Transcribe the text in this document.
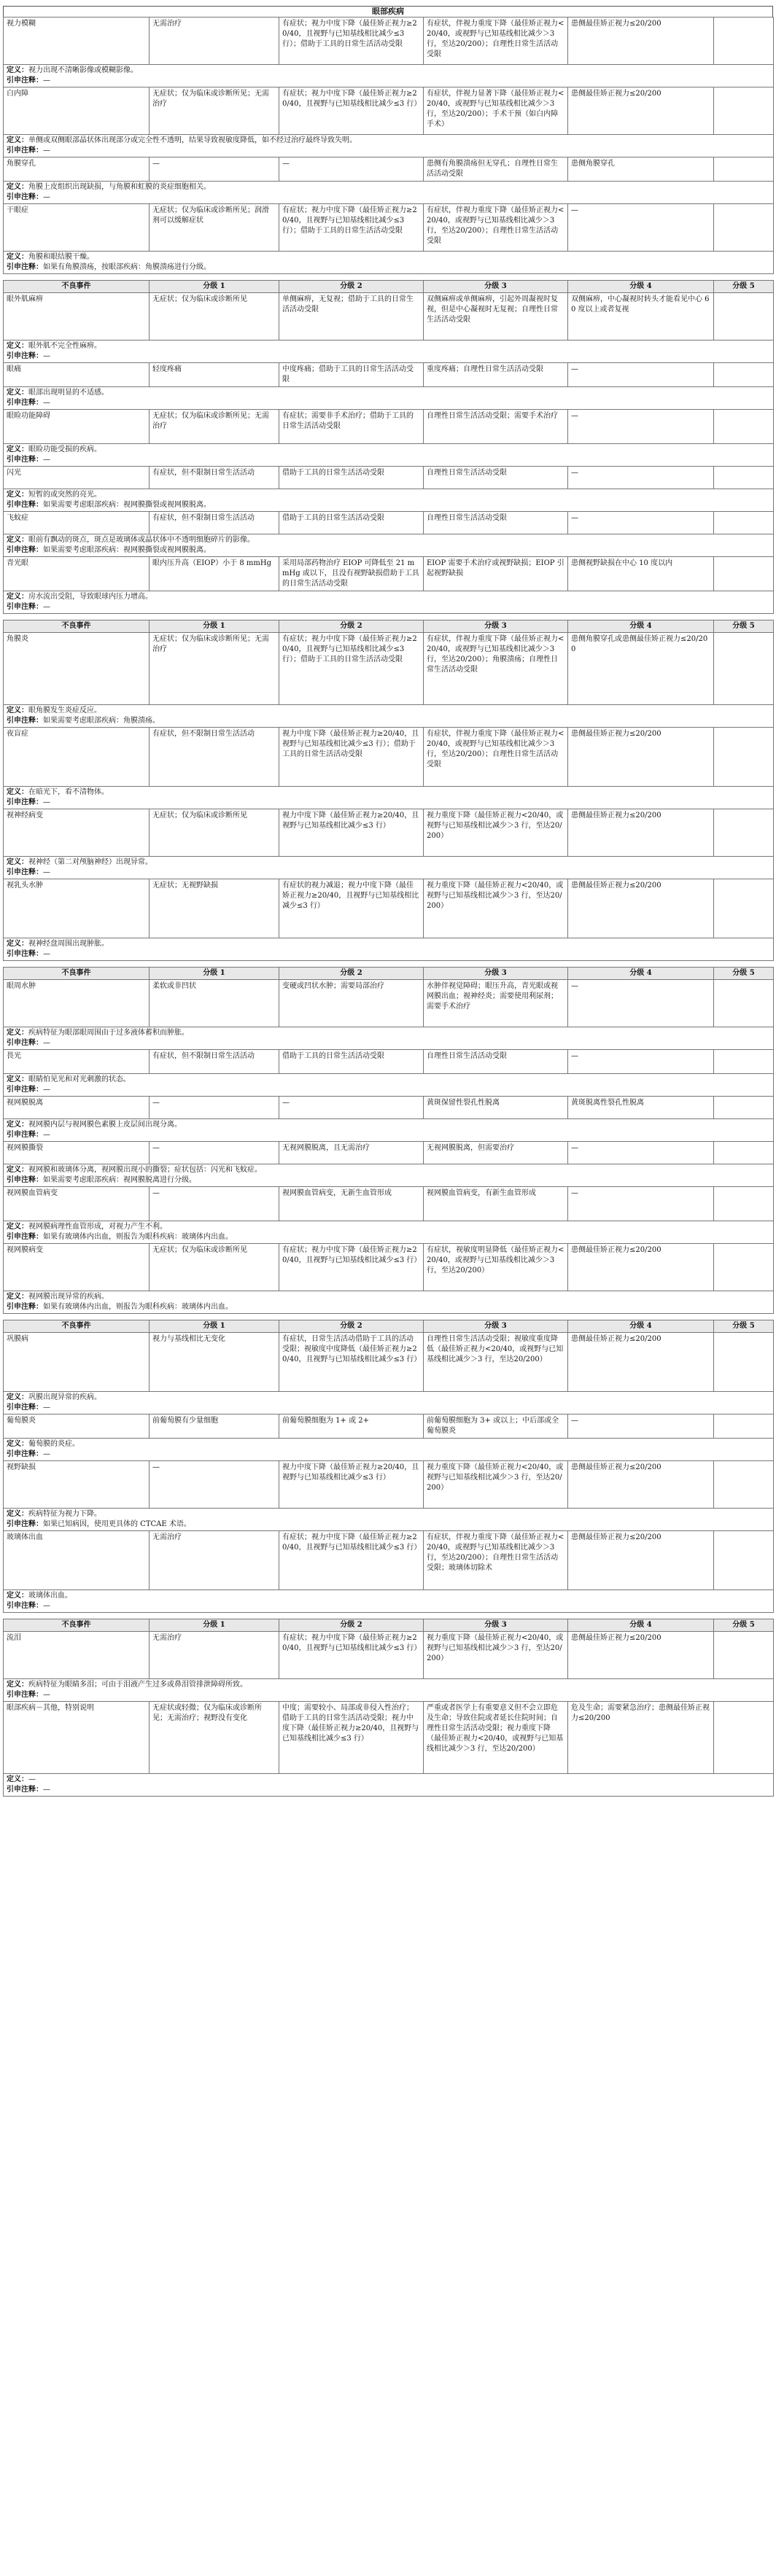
眼部疾病
视力模糊	无需治疗	有症状；视力中度下降（最佳矫正视力≥20/40，且视野与已知基线相比减少≤3 行）；借助于工具的日常生活活动受限	有症状，伴视力重度下降（最佳矫正视力<20/40，或视野与已知基线相比减少＞3 行，至达20/200）；自理性日常生活活动受限	患侧最佳矫正视力≤20/200	
定义：视力出现不清晰影像或模糊影像。
引申注释：—					
白内障	无症状；仅为临床或诊断所见；无需治疗	有症状；视力中度下降（最佳矫正视力≥20/40，且视野与已知基线相比减少≤3 行）	有症状，伴视力显著下降（最佳矫正视力<20/40，或视野与已知基线相比减少＞3 行，至达20/200）；手术干预（如白内障手术）	患侧最佳矫正视力≤20/200	
定义：单侧或双侧眼部晶状体出现部分或完全性不透明，结果导致视敏度降低，如不经过治疗最终导致失明。
引申注释：—					
角膜穿孔	—	—	患侧有角膜溃疡但无穿孔；自理性日常生活活动受限	患侧角膜穿孔	
定义：角膜上皮组织出现缺损，与角膜和虹膜的炎症细胞相关。
引申注释：—					
干眼症	无症状；仅为临床或诊断所见；润滑剂可以缓解症状	有症状；视力中度下降（最佳矫正视力≥20/40，且视野与已知基线相比减少≤3 行）；借助于工具的日常生活活动受限	有症状，伴视力重度下降（最佳矫正视力<20/40，或视野与已知基线相比减少＞3 行，至达20/200）；自理性日常生活活动受限	—	
定义：角膜和眼结膜干燥。
引申注释：如果有角膜溃疡，按眼部疾病：角膜溃疡进行分级。					
不良事件	分级 1	分级 2	分级 3	分级 4	分级 5
眼外肌麻痹	无症状；仅为临床或诊断所见	单侧麻痹，无复视；借助于工具的日常生活活动受限	双侧麻痹或单侧麻痹，引起外周凝视时复视，但是中心凝视时无复视；自理性日常生活活动受限	双侧麻痹，中心凝视时转头才能看见中心 60 度以上或者复视	
定义：眼外肌不完全性麻痹。
引申注释：—					
眼痛	轻度疼痛	中度疼痛；借助于工具的日常生活活动受限	重度疼痛；自理性日常生活活动受限	—	
定义：眼部出现明显的不适感。
引申注释：—					
眼睑功能障碍	无症状；仅为临床或诊断所见；无需治疗	有症状；需要非手术治疗；借助于工具的日常生活活动受限	自理性日常生活活动受限；需要手术治疗	—	
定义：眼睑功能受损的疾病。
引申注释：—					
闪光	有症状，但不限制日常生活活动	借助于工具的日常生活活动受限	自理性日常生活活动受限	—	
定义：短暂的或突然的亮光。
引申注释：如果需要考虑眼部疾病：视网膜撕裂或视网膜脱离。					
飞蚊症	有症状，但不限制日常生活活动	借助于工具的日常生活活动受限	自理性日常生活活动受限	—	
定义：眼前有飘动的斑点，斑点是玻璃体或晶状体中不透明细胞碎片的影像。
引申注释：如果需要考虑眼部疾病：视网膜撕裂或视网膜脱离。					
青光眼	眼内压升高（EIOP）小于 8 mmHg	采用局部药物治疗 EIOP 可降低至 21 mmHg 或以下，且没有视野缺损借助于工具的日常生活活动受限	EIOP 需要手术治疗或视野缺损；EIOP 引起视野缺损	患侧视野缺损在中心 10 度以内	
定义：房水流出受阻，导致眼球内压力增高。
引申注释：—					
不良事件	分级 1	分级 2	分级 3	分级 4	分级 5
角膜炎	无症状；仅为临床或诊断所见；无需治疗	有症状；视力中度下降（最佳矫正视力≥20/40，且视野与已知基线相比减少≤3 行）；借助于工具的日常生活活动受限	有症状，伴视力重度下降（最佳矫正视力<20/40，或视野与已知基线相比减少＞3 行，至达20/200）；角膜溃疡；自理性日常生活活动受限	患侧角膜穿孔或患侧最佳矫正视力≤20/200	
定义：眼角膜发生炎症反应。
引申注释：如果需要考虑眼部疾病：角膜溃疡。					
夜盲症	有症状，但不限制日常生活活动	视力中度下降（最佳矫正视力≥20/40，且视野与已知基线相比减少≤3 行）；借助于工具的日常生活活动受限	有症状，伴视力重度下降（最佳矫正视力<20/40，或视野与已知基线相比减少＞3 行，至达20/200）；自理性日常生活活动受限	患侧最佳矫正视力≤20/200	
定义：在暗光下，看不清物体。
引申注释：—					
视神经病变	无症状；仅为临床或诊断所见	视力中度下降（最佳矫正视力≥20/40，且视野与已知基线相比减少≤3 行）	视力重度下降（最佳矫正视力<20/40，或视野与已知基线相比减少＞3 行，至达20/200）	患侧最佳矫正视力≤20/200	
定义：视神经（第二对颅脑神经）出现异常。
引申注释：—					
视乳头水肿	无症状；无视野缺损	有症状的视力减退；视力中度下降（最佳矫正视力≥20/40，且视野与已知基线相比减少≤3 行）	视力重度下降（最佳矫正视力<20/40，或视野与已知基线相比减少＞3 行，至达20/200）	患侧最佳矫正视力≤20/200	
定义：视神经盘周围出现肿胀。
引申注释：—					
不良事件	分级 1	分级 2	分级 3	分级 4	分级 5
眼周水肿	柔软或非凹状	变硬或凹状水肿；需要局部治疗	水肿伴视觉障碍；眼压升高，青光眼或视网膜出血；视神经炎；需要使用利尿剂；需要手术治疗	—	
定义：疾病特征为眼部眼周围由于过多液体蓄积而肿胀。
引申注释：—					
畏光	有症状，但不限制日常生活活动	借助于工具的日常生活活动受限	自理性日常生活活动受限	—	
定义：眼睛怕见光和对光刺激的状态。
引申注释：—					
视网膜脱离	—	—	黄斑保留性裂孔性脱离	黄斑脱离性裂孔性脱离	
定义：视网膜内层与视网膜色素膜上皮层间出现分离。
引申注释：—					
视网膜撕裂	—	无视网膜脱离，且无需治疗	无视网膜脱离，但需要治疗	—	
定义：视网膜和玻璃体分离，视网膜出现小的撕裂；症状包括：闪光和飞蚊症。
引申注释：如果需要考虑眼部疾病：视网膜脱离进行分级。					
视网膜血管病变	—	视网膜血管病变，无新生血管形成	视网膜血管病变，有新生血管形成	—	
定义：视网膜病理性血管形成，对视力产生不利。
引申注释：如果有玻璃体内出血，则报告为眼科疾病：玻璃体内出血。					
视网膜病变	无症状；仅为临床或诊断所见	有症状；视力中度下降（最佳矫正视力≥20/40，且视野与已知基线相比减少≤3 行）	有症状，视敏度明显降低（最佳矫正视力<20/40，或视野与已知基线相比减少＞3 行，至达20/200）	患侧最佳矫正视力≤20/200	
定义：视网膜出现异常的疾病。
引申注释：如果有玻璃体内出血，则报告为眼科疾病：玻璃体内出血。					
不良事件	分级 1	分级 2	分级 3	分级 4	分级 5
巩膜病	视力与基线相比无变化	有症状，日常生活活动借助于工具的活动受限；视敏度中度降低（最佳矫正视力≥20/40，且视野与已知基线相比减少≤3 行）	自理性日常生活活动受限；视敏度重度降低（最佳矫正视力<20/40，或视野与已知基线相比减少＞3 行，至达20/200）	患侧最佳矫正视力≤20/200	
定义：巩膜出现异常的疾病。
引申注释：—					
葡萄膜炎	前葡萄膜有少量细胞	前葡萄膜细胞为 1+ 或 2+	前葡萄膜细胞为 3+ 或以上；中后部或全葡萄膜炎	—	
定义：葡萄膜的炎症。
引申注释：—					
视野缺损	—	视力中度下降（最佳矫正视力≥20/40，且视野与已知基线相比减少≤3 行）	视力重度下降（最佳矫正视力<20/40，或视野与已知基线相比减少＞3 行，至达20/200）	患侧最佳矫正视力≤20/200	
定义：疾病特征为视力下降。
引申注释：如果已知病因，使用更具体的 CTCAE 术语。					
玻璃体出血	无需治疗	有症状；视力中度下降（最佳矫正视力≥20/40，且视野与已知基线相比减少≤3 行）	有症状，伴视力重度下降（最佳矫正视力<20/40，或视野与已知基线相比减少＞3 行，至达20/200）；自理性日常生活活动受限；玻璃体切除术	患侧最佳矫正视力≤20/200	
定义：玻璃体出血。
引申注释：—					
不良事件	分级 1	分级 2	分级 3	分级 4	分级 5
流泪	无需治疗	有症状；视力中度下降（最佳矫正视力≥20/40，且视野与已知基线相比减少≤3 行）	视力重度下降（最佳矫正视力<20/40，或视野与已知基线相比减少＞3 行，至达20/200）	患侧最佳矫正视力≤20/200	
定义：疾病特征为眼睛多泪；可由于泪液产生过多或鼻泪管排泄障碍所致。
引申注释：—					
眼部疾病－其他，特别说明	无症状或轻微；仅为临床或诊断所见；无需治疗；视野没有变化	中度；需要较小、局部或非侵入性治疗；借助于工具的日常生活活动受限；视力中度下降（最佳矫正视力≥20/40，且视野与已知基线相比减少≤3 行）	严重或者医学上有重要意义但不会立即危及生命；导致住院或者延长住院时间；自理性日常生活活动受限；视力重度下降（最佳矫正视力<20/40，或视野与已知基线相比减少＞3 行，至达20/200）	危及生命；需要紧急治疗；患侧最佳矫正视力≤20/200	
定义：—
引申注释：—					
